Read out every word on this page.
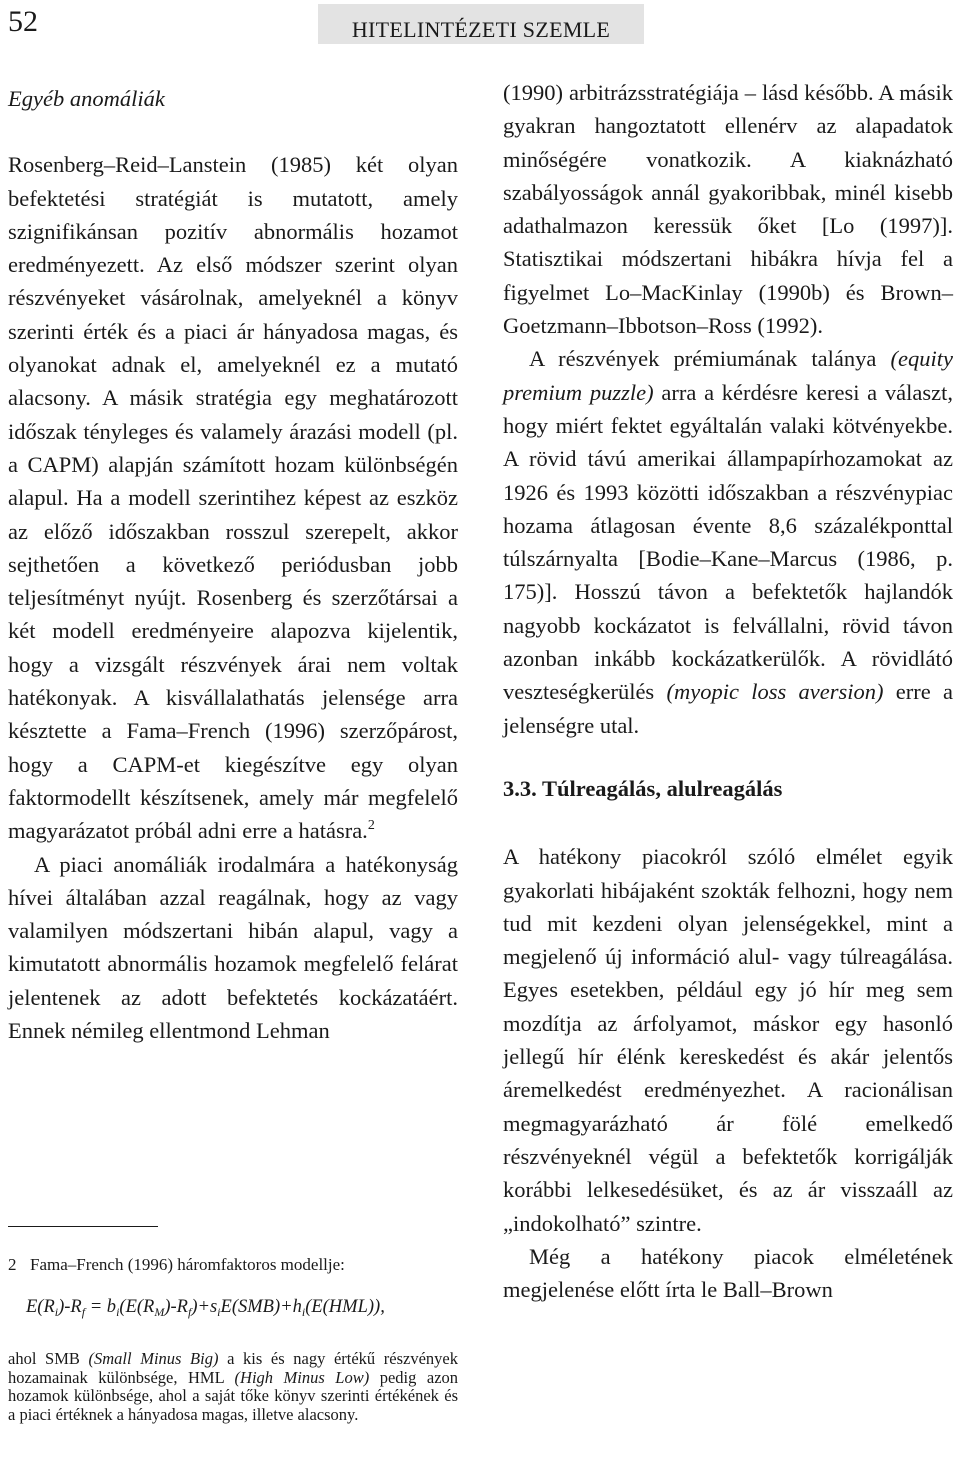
52	HITELINTÉZETI SZEMLE

Egyéb anomáliák

Rosenberg–Reid–Lanstein (1985) két olyan befektetési stratégiát is mutatott, amely szignifikánsan pozitív abnormális hozamot eredményezett. Az első módszer szerint olyan részvényeket vásárolnak, amelyeknél a könyv szerinti érték és a piaci ár hányadosa magas, és olyanokat adnak el, amelyeknél ez a mutató alacsony. A másik stratégia egy meghatározott időszak tényleges és valamely árazási modell (pl. a CAPM) alapján számított hozam különbségén alapul. Ha a modell szerintihez képest az eszköz az előző időszakban rosszul szerepelt, akkor sejthetően a következő periódusban jobb teljesítményt nyújt. Rosenberg és szerzőtársai a két modell eredményeire alapozva kijelentik, hogy a vizsgált részvények árai nem voltak hatékonyak. A kisvállalathatás jelensége arra késztette a Fama–French (1996) szerzőpárost, hogy a CAPM-et kiegészítve egy olyan faktormodellt készítsenek, amely már megfelelő magyarázatot próbál adni erre a hatásra.$^2$

A piaci anomáliák irodalmára a hatékonyság hívei általában azzal reagálnak, hogy az vagy valamilyen módszertani hibán alapul, vagy a kimutatott abnormális hozamok megfelelő felárat jelentenek az adott befektetés kockázatáért. Ennek némileg ellentmond Lehman

2 Fama–French (1996) háromfaktoros modellje:
$E(R_i)-R_f = b_i(E(R_M)-R_f)+s_iE(SMB)+h_i(E(HML))$,
ahol SMB (Small Minus Big) a kis és nagy értékű részvények hozamainak különbsége, HML (High Minus Low) pedig azon hozamok különbsége, ahol a saját tőke könyv szerinti értékének és a piaci értéknek a hányadosa magas, illetve alacsony.

(1990) arbitrázsstratégiája – lásd később. A másik gyakran hangoztatott ellenérv az alapadatok minőségére vonatkozik. A kiaknázható szabályosságok annál gyakoribbak, minél kisebb adathalmazon keressük őket [Lo (1997)]. Statisztikai módszertani hibákra hívja fel a figyelmet Lo–MacKinlay (1990b) és Brown–Goetzmann–Ibbotson–Ross (1992).

A részvények prémiumának talánya (equity premium puzzle) arra a kérdésre keresi a választ, hogy miért fektet egyáltalán valaki kötvényekbe. A rövid távú amerikai állampapírhozamokat az 1926 és 1993 közötti időszakban a részvénypiac hozama átlagosan évente 8,6 százalékponttal túlszárnyalta [Bodie–Kane–Marcus (1986, p. 175)]. Hosszú távon a befektetők hajlandók nagyobb kockázatot is felvállalni, rövid távon azonban inkább kockázatkerülők. A rövidlátó veszteségkerülés (myopic loss aversion) erre a jelenségre utal.

3.3. Túlreagálás, alulreagálás

A hatékony piacokról szóló elmélet egyik gyakorlati hibájaként szokták felhozni, hogy nem tud mit kezdeni olyan jelenségekkel, mint a megjelenő új információ alul- vagy túlreagálása. Egyes esetekben, például egy jó hír meg sem mozdítja az árfolyamot, máskor egy hasonló jellegű hír élénk kereskedést és akár jelentős áremelkedést eredményezhet. A racionálisan megmagyarázható ár fölé emelkedő részvényeknél végül a befektetők korrigálják korábbi lelkesedésüket, és az ár visszaáll az „indokolható” szintre.

Még a hatékony piacok elméletének megjelenése előtt írta le Ball–Brown
